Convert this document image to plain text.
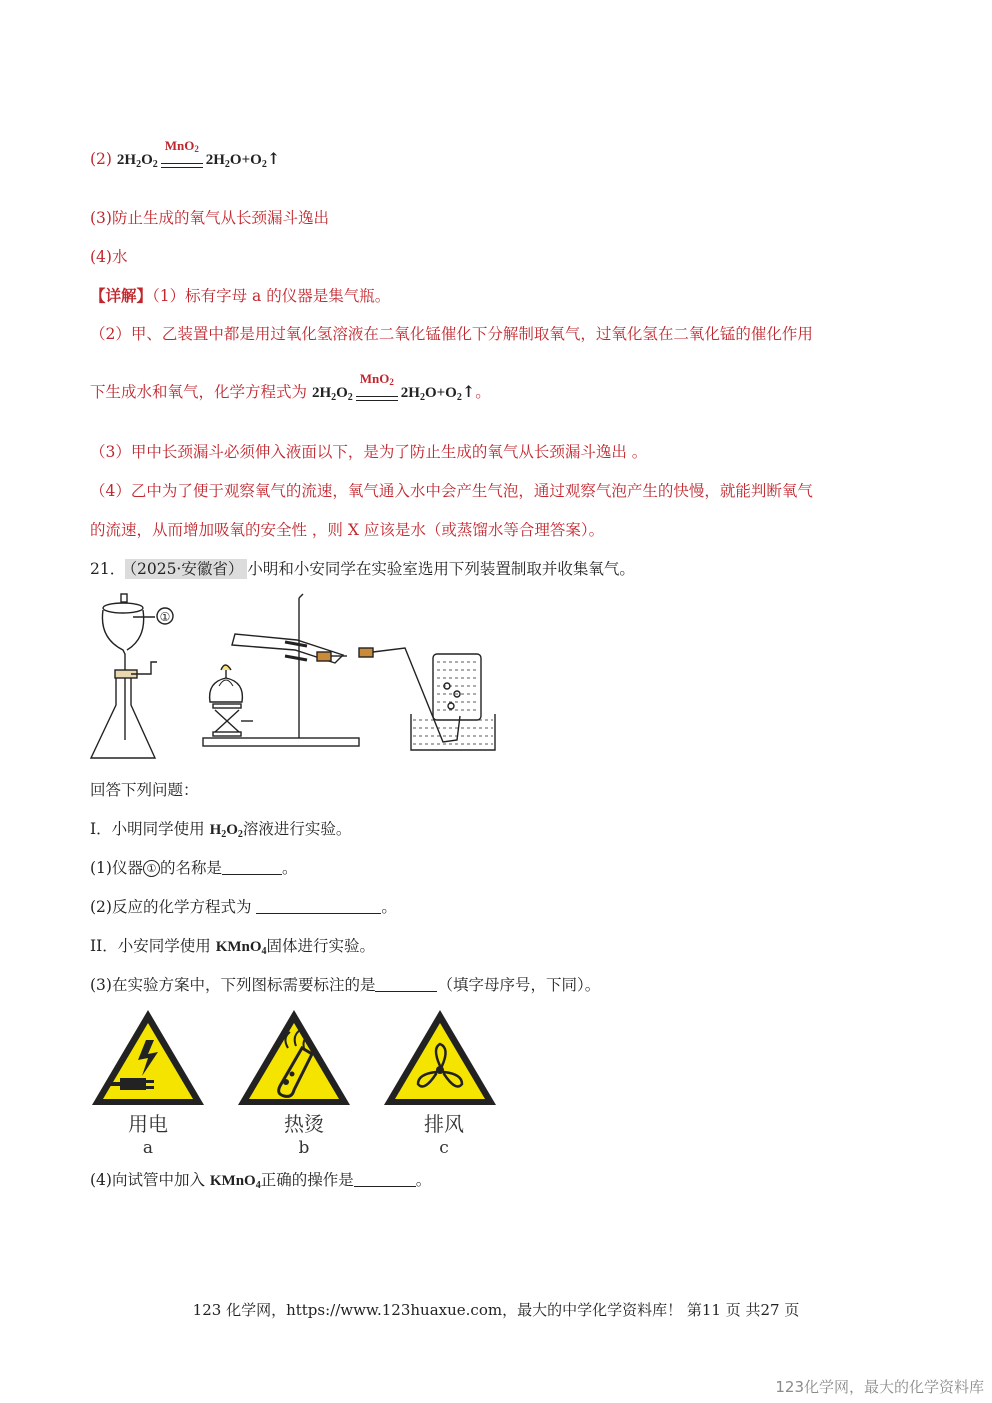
(2) $2H_2O_2$
MnO$_2$
$2H_2O+O_2↑$
(3)防止生成的氧气从长颈漏斗逸出
(4)水
【详解】（1）标有字母 a 的仪器是集气瓶。
（2）甲、乙装置中都是用过氧化氢溶液在二氧化锰催化下分解制取氧气，过氧化氢在二氧化锰的催化作用
下生成水和氧气，化学方程式为 $2H_2O_2$
MnO$_2$
$2H_2O+O_2↑$。
（3）甲中长颈漏斗必须伸入液面以下，是为了防止生成的氧气从长颈漏斗逸出 。
（4）乙中为了便于观察氧气的流速，氧气通入水中会产生气泡，通过观察气泡产生的快慢，就能判断氧气
的流速，从而增加吸氧的安全性 ，则 X 应该是水（或蒸馏水等合理答案）。
21． （2025·安徽省） 小明和小安同学在实验室选用下列装置制取并收集氧气。
①
回答下列问题：
I．小明同学使用 $H_2O_2$溶液进行实验。
(1)仪器 ① 的名称是	。
(2)反应的化学方程式为	。
II．小安同学使用 KMnO$_4$固体进行实验。
(3)在实验方案中，下列图标需要标注的是	（填字母序号，下同）。
用电
a
热烫
b
排风
c
(4)向试管中加入 KMnO$_4$正确的操作是	。
123 化学网，https://www.123huaxue.com，最大的中学化学资料库！ 第11 页 共27 页
123化学网，最大的化学资料库
